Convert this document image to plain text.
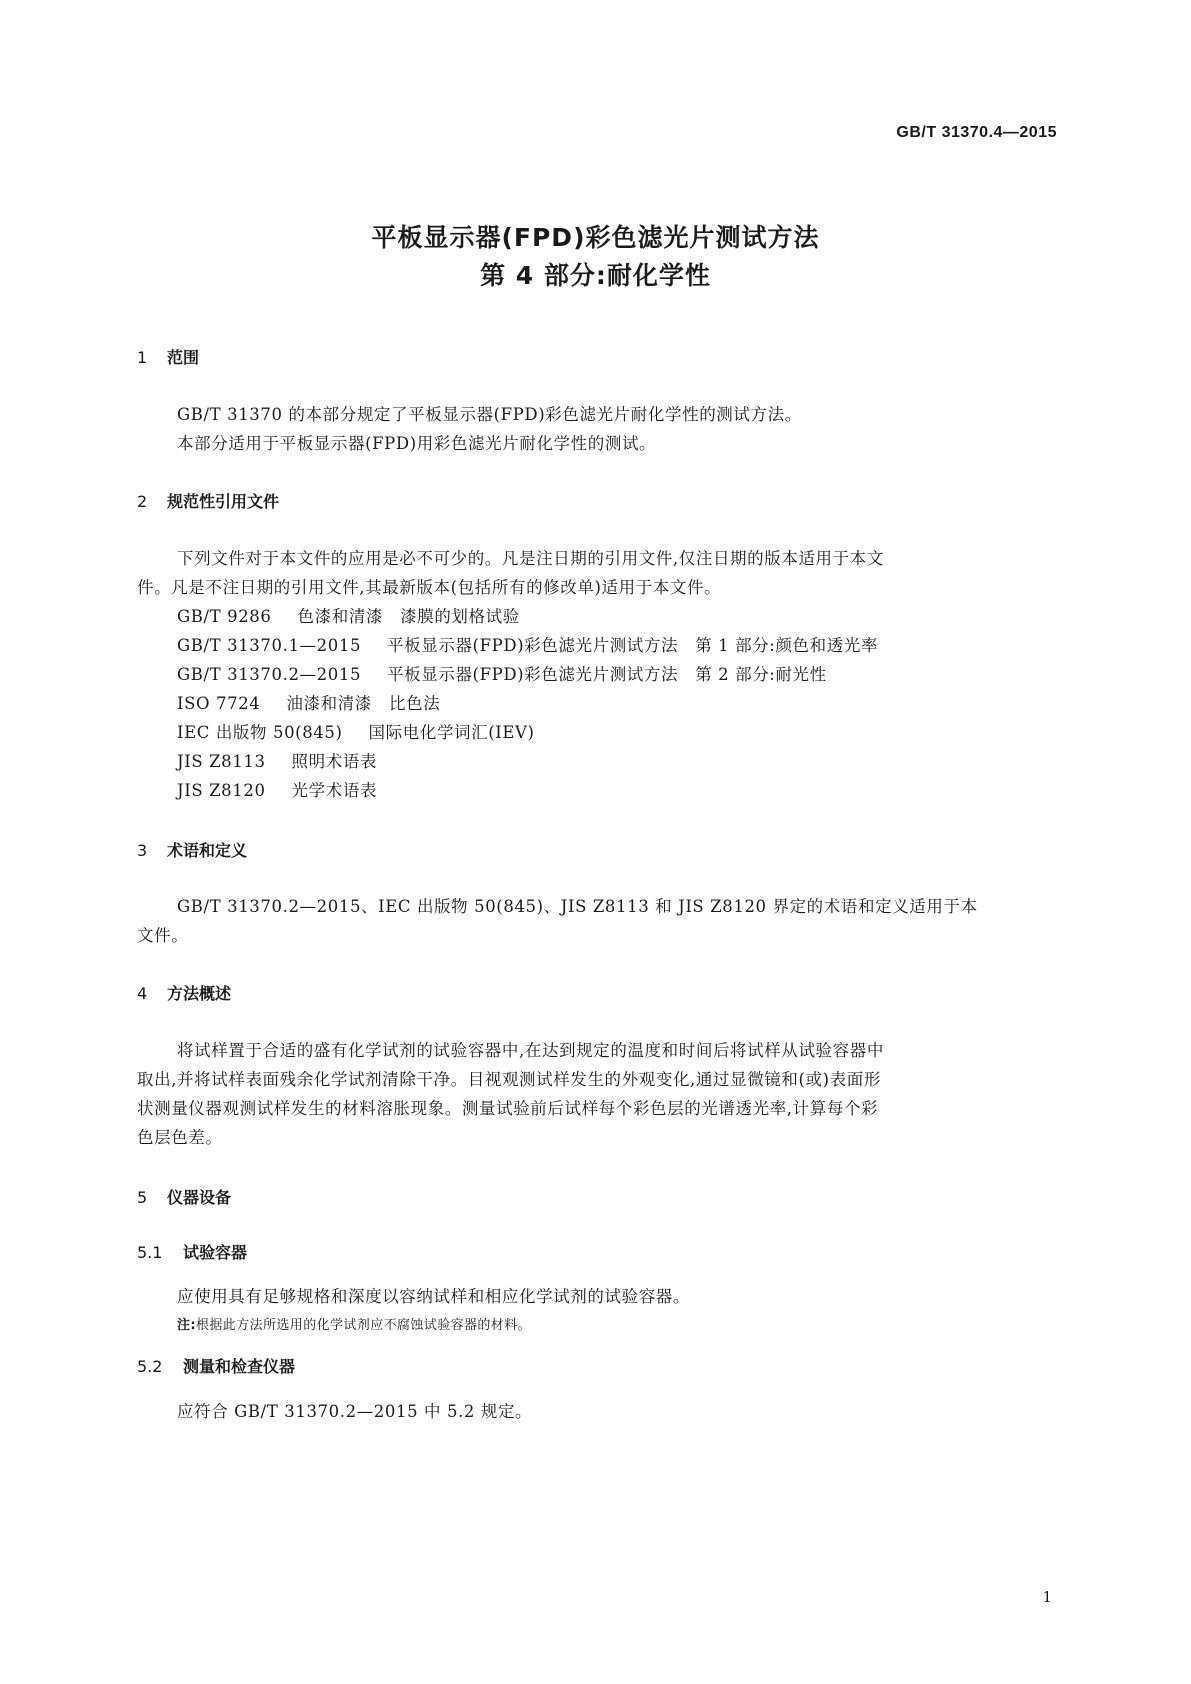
GB/T 31370.4—2015
平板显示器(FPD)彩色滤光片测试方法
第 4 部分:耐化学性
1 范围
GB/T 31370 的本部分规定了平板显示器(FPD)彩色滤光片耐化学性的测试方法。
本部分适用于平板显示器(FPD)用彩色滤光片耐化学性的测试。
2 规范性引用文件
下列文件对于本文件的应用是必不可少的。凡是注日期的引用文件,仅注日期的版本适用于本文
件。凡是不注日期的引用文件,其最新版本(包括所有的修改单)适用于本文件。
GB/T 9286 色漆和清漆　漆膜的划格试验
GB/T 31370.1—2015 平板显示器(FPD)彩色滤光片测试方法　第 1 部分:颜色和透光率
GB/T 31370.2—2015 平板显示器(FPD)彩色滤光片测试方法　第 2 部分:耐光性
ISO 7724 油漆和清漆　比色法
IEC 出版物 50(845) 国际电化学词汇(IEV)
JIS Z8113 照明术语表
JIS Z8120 光学术语表
3 术语和定义
GB/T 31370.2—2015、IEC 出版物 50(845)、JIS Z8113 和 JIS Z8120 界定的术语和定义适用于本
文件。
4 方法概述
将试样置于合适的盛有化学试剂的试验容器中,在达到规定的温度和时间后将试样从试验容器中
取出,并将试样表面残余化学试剂清除干净。目视观测试样发生的外观变化,通过显微镜和(或)表面形
状测量仪器观测试样发生的材料溶胀现象。测量试验前后试样每个彩色层的光谱透光率,计算每个彩
色层色差。
5 仪器设备
5.1 试验容器
应使用具有足够规格和深度以容纳试样和相应化学试剂的试验容器。
注:根据此方法所选用的化学试剂应不腐蚀试验容器的材料。
5.2 测量和检查仪器
应符合 GB/T 31370.2—2015 中 5.2 规定。
1
